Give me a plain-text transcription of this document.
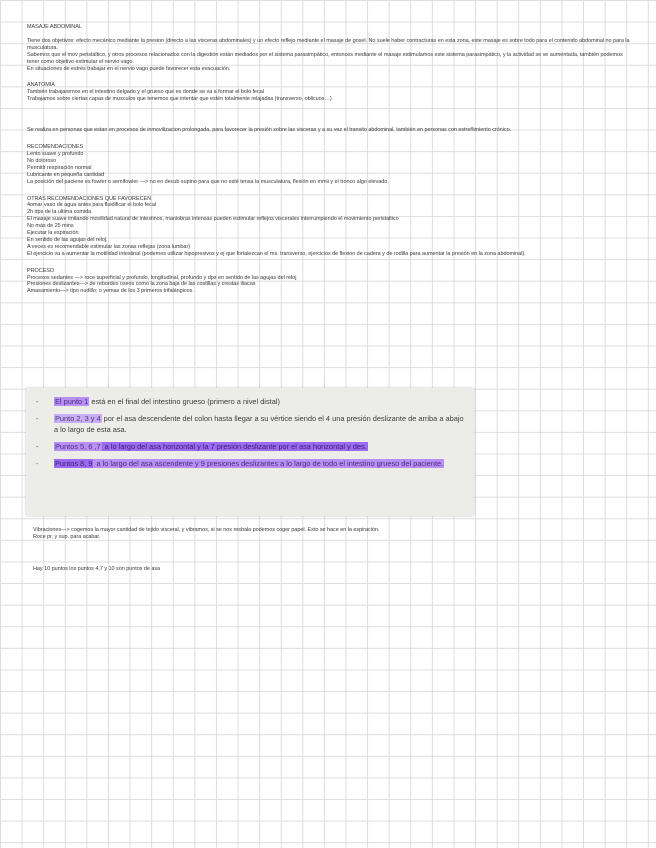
MASAJE ABDOMINAL
Tiene dos objetivos: efecto mecánico mediante la presion (directo a las visceras abdominales) y un efecto reflejo mediante el masaje de gosel. No suele haber contracturas en esta zona, este masaje es sobre todo para el contenido abdominal no para la musculatura.
Sabemos que el mov peristáltico, y otros procesos relacionados con la digestión están mediados por el sistema parasimpático, entonces mediante el masaje estimulamos este sistema parasimpático, y la actividad se ve aumentada, también podemos tener como objetivo estimular el nervio vago.
En situaciones de estrés trabajar en el nervio vago puede favorecer esta evacuación.
ANATOMIA
También trabajaremos en el intestino delgado y el grueso que es donde se va a formar el bolo fecal
Trabajamos sobre ciertas capas de musculos que tenemos que intentar que estén totalmente relajadas (transverso, oblicuos…)
Se realiza en personas que estan en procesos de inmovilizacion prolongada, para favorecer la presión sobre las visceras y a su vez el transito abdominal, también en personas con estreñimiento crónico.
RECOMENDACIONES
Lento suave y profundo
No doloroso
Permitir respiración normal
Lubricante en pequeña cantidad
La posición del paciene es fowler o semifowler —> no en decub supino para que no esté tensa la musculatura, flexión en mmii y el tronco algo elevado.
OTRAS RECOMENDACIONES QUE FAVORECEN
4omar vaso de agua antes para fluidificar el bolo fecal
2h dps de la ultima comida
El masaje suave imitando movilidad natural de intestinos, maniobras intensas pueden estimular reflejos viscerales interrumpiendo el movimiento peristaltico
No más de 25 mins
Ejecutar la espiración
En sentido de las agujas del reloj.
A veces es recomendable estimular las zonas reflejas (zona lumbar)
El ejercicio va a aumentar la motilidad intestinal (podemos utilizar hipopresivos y ej que fortalezcan el ms. transverso, ejercicios de flexion de cadera y de rodilla para aumentar la presión en la zona abdominal).
PROCESO
Procesos sedantes —> roce superficial y profundo, longitudinal, profundo y dps en sentido de las agujas del reloj
Presiones deslizantes—> de rebordes oseos como la zona baja de las costillas y crestas iliacas
Amasamiento—> tipo nudillo; o yemas de los 3 primeros trifalángicos.
- El punto 1 está en el final del intestino grueso (primero a nivel distal)
- Punto 2, 3 y 4 por el asa descendente del colon hasta llegar a su vértice siendo el 4 una presión deslizante de arriba a abajo a lo largo de esta asa.
- Puntos 5, 6 ,7 a lo largo del asa horizontal y la 7 presión deslizante por el asa horizontal y des.
- Puntos 8, 9 a lo largo del asa ascendente y 9 presiones deslizantes a lo largo de todo el intestino grueso del paciente.
Vibraciones—> cogemos la mayor cantidad de tejido visceral, y vibramos, si se nos resbala podemos coger papel. Esto se hace en la espiración.
Roce pr. y sup. para acabar.
Hay 10 puntos los puntos 4,7 y 10 son puntos de asa
